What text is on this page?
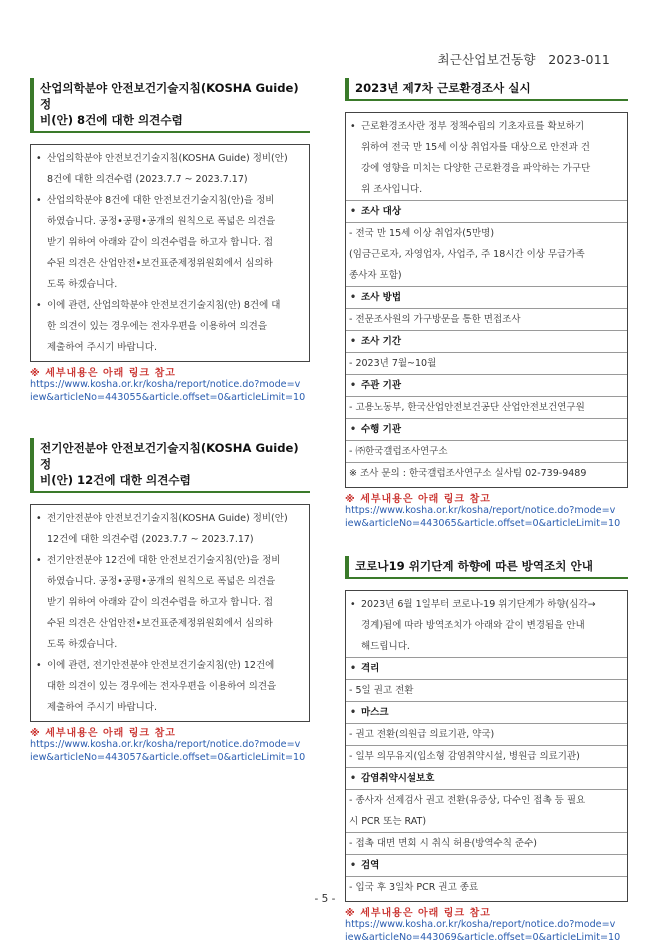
최근산업보건동향 2023-011
산업의학분야 안전보건기술지침(KOSHA Guide) 정
비(안) 8건에 대한 의견수렴
• 산업의학분야 안전보건기술지침(KOSHA Guide) 정비(안)
8건에 대한 의견수렴 (2023.7.7 ~ 2023.7.17)
• 산업의학분야 8건에 대한 안전보건기술지침(안)을 정비
하였습니다. 공정•공평•공개의 원칙으로 폭넓은 의견을
받기 위하여 아래와 같이 의견수렴을 하고자 합니다. 접
수된 의견은 산업안전•보건표준제정위원회에서 심의하
도록 하겠습니다.
• 이에 관련, 산업의학분야 안전보건기술지침(안) 8건에 대
한 의견이 있는 경우에는 전자우편을 이용하여 의견을
제출하여 주시기 바랍니다.
※ 세부내용은 아래 링크 참고
https://www.kosha.or.kr/kosha/report/notice.do?mode=v
iew&articleNo=443055&article.offset=0&articleLimit=10
전기안전분야 안전보건기술지침(KOSHA Guide) 정
비(안) 12건에 대한 의견수렴
• 전기안전분야 안전보건기술지침(KOSHA Guide) 정비(안)
12건에 대한 의견수렴 (2023.7.7 ~ 2023.7.17)
• 전기안전분야 12건에 대한 안전보건기술지침(안)을 정비
하였습니다. 공정•공평•공개의 원칙으로 폭넓은 의견을
받기 위하여 아래와 같이 의견수렴을 하고자 합니다. 접
수된 의견은 산업안전•보건표준제정위원회에서 심의하
도록 하겠습니다.
• 이에 관련, 전기안전분야 안전보건기술지침(안) 12건에
대한 의견이 있는 경우에는 전자우편을 이용하여 의견을
제출하여 주시기 바랍니다.
※ 세부내용은 아래 링크 참고
https://www.kosha.or.kr/kosha/report/notice.do?mode=v
iew&articleNo=443057&article.offset=0&articleLimit=10
2023년 제7차 근로환경조사 실시
• 근로환경조사란 정부 정책수립의 기초자료를 확보하기
위하여 전국 만 15세 이상 취업자를 대상으로 안전과 건
강에 영향을 미치는 다양한 근로환경을 파악하는 가구단
위 조사입니다.
• 조사 대상
- 전국 만 15세 이상 취업자(5만명)
(임금근로자, 자영업자, 사업주, 주 18시간 이상 무급가족
종사자 포함)
• 조사 방법
- 전문조사원의 가구방문을 통한 면접조사
• 조사 기간
- 2023년 7월~10월
• 주관 기관
- 고용노동부, 한국산업안전보건공단 산업안전보건연구원
• 수행 기관
- ㈜한국갤럽조사연구소
※ 조사 문의 : 한국갤럽조사연구소 실사팀 02-739-9489
※ 세부내용은 아래 링크 참고
https://www.kosha.or.kr/kosha/report/notice.do?mode=v
iew&articleNo=443065&article.offset=0&articleLimit=10
코로나19 위기단계 하향에 따른 방역조치 안내
• 2023년 6월 1일부터 코로나-19 위기단계가 하향(심각→
경계)됨에 따라 방역조치가 아래와 같이 변경됨을 안내
해드립니다.
• 격리
- 5일 권고 전환
• 마스크
- 권고 전환(의원급 의료기관, 약국)
- 일부 의무유지(입소형 감염취약시설, 병원급 의료기관)
• 감염취약시설보호
- 종사자 선제검사 권고 전환(유증상, 다수인 접촉 등 필요
시 PCR 또는 RAT)
- 접촉 대면 면회 시 취식 허용(방역수칙 준수)
• 검역
- 입국 후 3일차 PCR 권고 종료
※ 세부내용은 아래 링크 참고
https://www.kosha.or.kr/kosha/report/notice.do?mode=v
iew&articleNo=443069&article.offset=0&articleLimit=10
- 5 -
